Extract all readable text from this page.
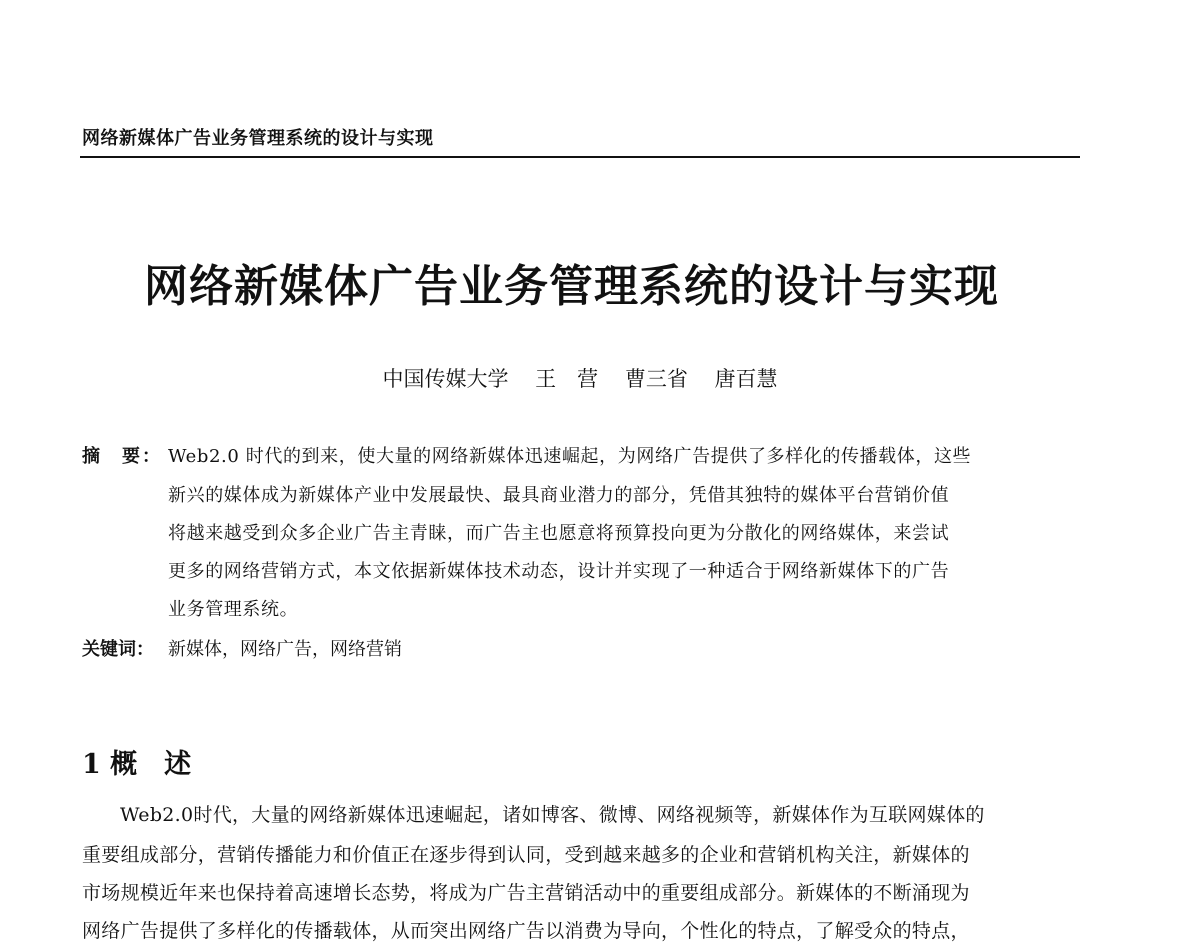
网络新媒体广告业务管理系统的设计与实现
网络新媒体广告业务管理系统的设计与实现
中国传媒大学 王　营 曹三省 唐百慧
摘　要： Web2.0 时代的到来，使大量的网络新媒体迅速崛起，为网络广告提供了多样化的传播载体，这些
新兴的媒体成为新媒体产业中发展最快、最具商业潜力的部分，凭借其独特的媒体平台营销价值
将越来越受到众多企业广告主青睐，而广告主也愿意将预算投向更为分散化的网络媒体，来尝试
更多的网络营销方式，本文依据新媒体技术动态，设计并实现了一种适合于网络新媒体下的广告
业务管理系统。
关键词： 新媒体，网络广告，网络营销
1 概　述
Web2.0时代，大量的网络新媒体迅速崛起，诸如博客、微博、网络视频等，新媒体作为互联网媒体的
重要组成部分，营销传播能力和价值正在逐步得到认同，受到越来越多的企业和营销机构关注，新媒体的
市场规模近年来也保持着高速增长态势，将成为广告主营销活动中的重要组成部分。新媒体的不断涌现为
网络广告提供了多样化的传播载体，从而突出网络广告以消费为导向，个性化的特点，了解受众的特点，
